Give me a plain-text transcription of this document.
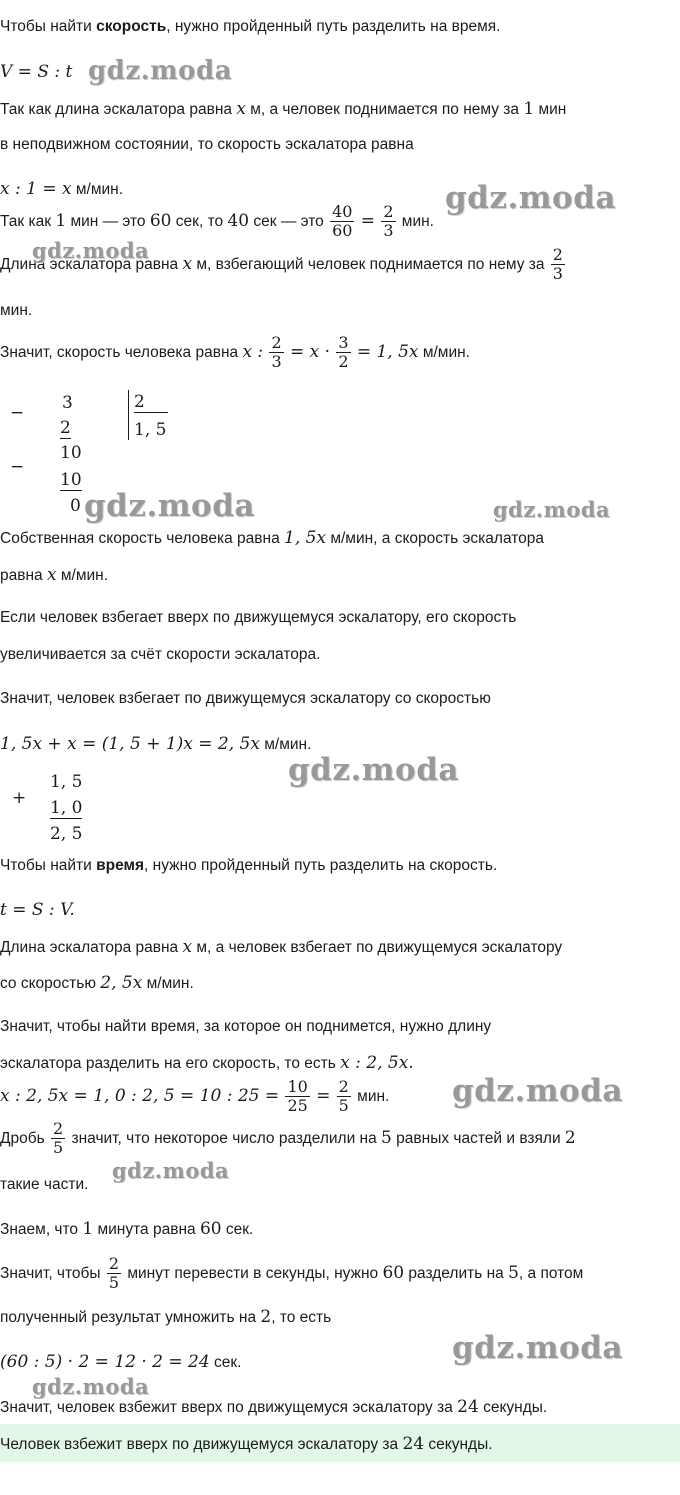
Чтобы найти скорость, нужно пройденный путь разделить на время.
V = S : t
Так как длина эскалатора равна x м, а человек поднимается по нему за 1 мин
в неподвижном состоянии, то скорость эскалатора равна
x : 1 = x м/мин.
Так как 1 мин — это 60 сек, то 40 сек — это $\frac{40}{60} = \frac{2}{3}$ мин.
Длина эскалатора равна x м, взбегающий человек поднимается по нему за $\frac{2}{3}$
мин.
Значит, скорость человека равна x : $\frac{2}{3} = x \cdot \frac{3}{2} = 1$, 5x м/мин.
− 3
2
2
1, 5
−
10
10
0
Собственная скорость человека равна 1, 5x м/мин, а скорость эскалатора
равна x м/мин.
Если человек взбегает вверх по движущемуся эскалатору, его скорость
увеличивается за счёт скорости эскалатора.
Значит, человек взбегает по движущемуся эскалатору со скоростью
1, 5x + x = (1, 5 + 1)x = 2, 5x м/мин.
+
1, 5
1, 0
2, 5
Чтобы найти время, нужно пройденный путь разделить на скорость.
t = S : V.
Длина эскалатора равна x м, а человек взбегает по движущемуся эскалатору
со скоростью 2, 5x м/мин.
Значит, чтобы найти время, за которое он поднимется, нужно длину
эскалатора разделить на его скорость, то есть x : 2, 5x.
x : 2, 5x = 1, 0 : 2, 5 = 10 : $25 = \frac{10}{25} = \frac{2}{5}$ мин.
Дробь $\frac{2}{5}$ значит, что некоторое число разделили на 5 равных частей и взяли 2
такие части.
Знаем, что 1 минута равна 60 сек.
Значит, чтобы $\frac{2}{5}$ минут перевести в секунды, нужно 60 разделить на 5, а потом
полученный результат умножить на 2, то есть
(60 : 5) · 2 = 12 · 2 = 24 сек.
Значит, человек взбежит вверх по движущемуся эскалатору за 24 секунды.
Человек взбежит вверх по движущемуся эскалатору за 24 секунды.
gdz.moda
gdz.moda
gdz.moda
gdz.moda	gdz.moda
gdz.moda
gdz.moda
gdz.moda
gdz.moda
gdz.moda
